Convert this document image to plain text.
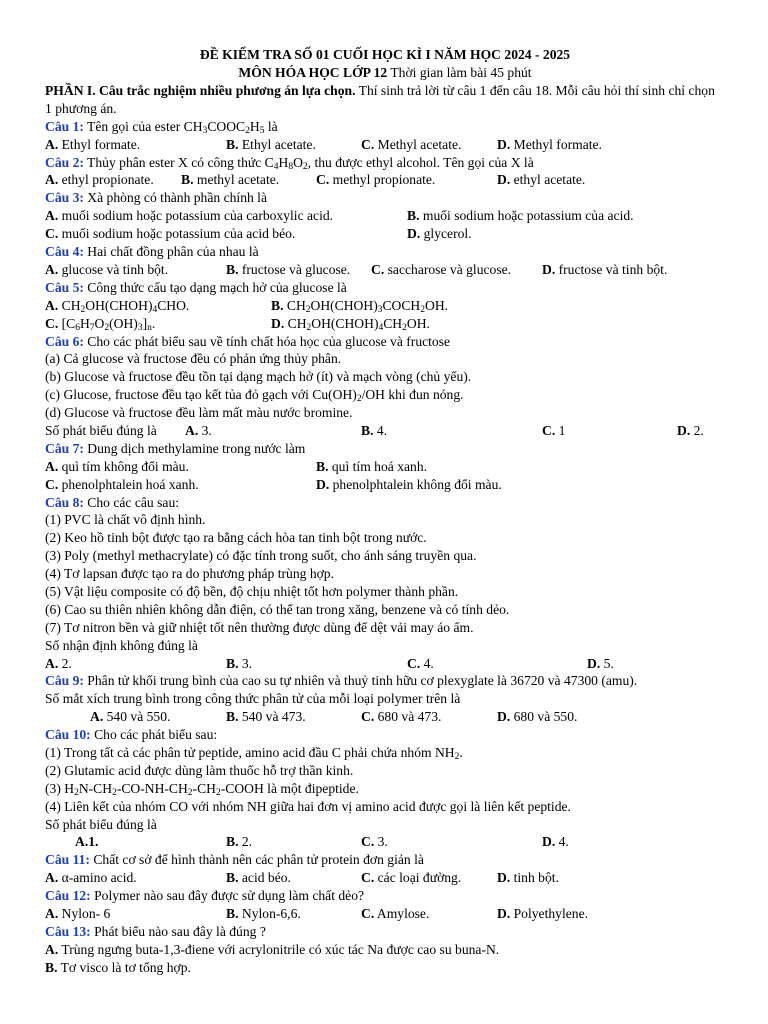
ĐỀ KIỂM TRA SỐ 01 CUỐI HỌC KÌ I NĂM HỌC 2024 - 2025
MÔN HÓA HỌC LỚP 12 Thời gian làm bài 45 phút
PHẦN I. Câu trắc nghiệm nhiều phương án lựa chọn. Thí sinh trả lời từ câu 1 đến câu 18. Mỗi câu hỏi thí sinh chỉ chọn 1 phương án.
Câu 1: Tên gọi của ester $CH_3COOC_2H_5$ là
A. Ethyl formate.	B. Ethyl acetate.	C. Methyl acetate.	D. Methyl formate.
Câu 2: Thủy phân ester X có công thức $C_4H_8O_2$, thu được ethyl alcohol. Tên gọi của X là
A. ethyl propionate. B. methyl acetate.	C. methyl propionate.	D. ethyl acetate.
Câu 3: Xà phòng có thành phần chính là
A. muối sodium hoặc potassium của carboxylic acid.	B. muối sodium hoặc potassium của acid.
C. muối sodium hoặc potassium của acid béo.	D. glycerol.
Câu 4: Hai chất đồng phân của nhau là
A. glucose và tinh bột.	B. fructose và glucose. C. saccharose và glucose. D. fructose và tinh bột.
Câu 5: Công thức cấu tạo dạng mạch hở của glucose là
A. $CH_2OH(CHOH)_4CHO$.	B. $CH_2OH(CHOH)_3COCH_2OH$.
C. $[C_6H_7O_2(OH)_3]_n$.	D. $CH_2OH(CHOH)_4CH_2OH$.
Câu 6: Cho các phát biểu sau về tính chất hóa học của glucose và fructose
(a) Cả glucose và fructose đều có phản ứng thủy phân.
(b) Glucose và fructose đều tồn tại dạng mạch hở (ít) và mạch vòng (chủ yếu).
(c) Glucose, fructose đều tạo kết tủa đỏ gạch với $Cu(OH)_2/OH$ khi đun nóng.
(d) Glucose và fructose đều làm mất màu nước bromine.
Số phát biểu đúng là A. 3.	B. 4.	C. 1	D. 2.
Câu 7: Dung dịch methylamine trong nước làm
A. quì tím không đổi màu.	B. quì tím hoá xanh.
C. phenolphtalein hoá xanh.	D. phenolphtalein không đổi màu.
Câu 8: Cho các câu sau:
(1) PVC là chất vô định hình.
(2) Keo hồ tinh bột được tạo ra bằng cách hòa tan tinh bột trong nước.
(3) Poly (methyl methacrylate) có đặc tính trong suốt, cho ánh sáng truyền qua.
(4) Tơ lapsan được tạo ra do phương pháp trùng hợp.
(5) Vật liệu composite có độ bền, độ chịu nhiệt tốt hơn polymer thành phần.
(6) Cao su thiên nhiên không dẫn điện, có thể tan trong xăng, benzene và có tính dẻo.
(7) Tơ nitron bền và giữ nhiệt tốt nên thường được dùng để dệt vải may áo ấm.
Số nhận định không đúng là
A. 2.	B. 3.	C. 4.	D. 5.
Câu 9: Phân tử khối trung bình của cao su tự nhiên và thuỷ tinh hữu cơ plexyglate là 36720 và 47300 (amu).
Số mắt xích trung bình trong công thức phân tử của mỗi loại polymer trên là
A. 540 và 550.	B. 540 và 473.	C. 680 và 473.	D. 680 và 550.
Câu 10: Cho các phát biểu sau:
(1) Trong tất cả các phân tử peptide, amino acid đầu C phải chứa nhóm $NH_2$.
(2) Glutamic acid được dùng làm thuốc hỗ trợ thần kinh.
(3) $H_2N-CH_2-CO-NH-CH_2-CH_2$-COOH là một đipeptide.
(4) Liên kết của nhóm CO với nhóm NH giữa hai đơn vị amino acid được gọi là liên kết peptide.
Số phát biểu đúng là
A.1.	B. 2.	C. 3.	D. 4.
Câu 11: Chất cơ sở để hình thành nên các phân tử protein đơn giản là
A. α-amino acid.	B. acid béo.	C. các loại đường.	D. tinh bột.
Câu 12: Polymer nào sau đây được sử dụng làm chất dẻo?
A. Nylon- 6	B. Nylon-6,6.	C. Amylose.	D. Polyethylene.
Câu 13: Phát biểu nào sau đây là đúng ?
A. Trùng ngưng buta-1,3-điene với acrylonitrile có xúc tác Na được cao su buna-N.
B. Tơ visco là tơ tổng hợp.
